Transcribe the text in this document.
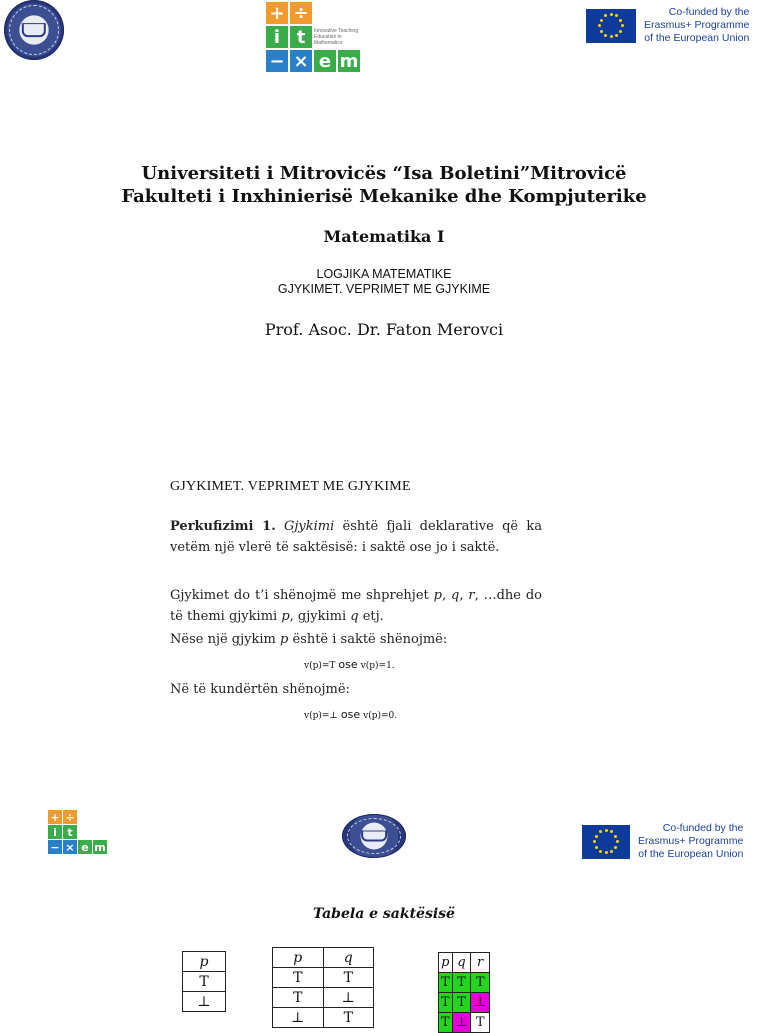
+ ÷
i t	Innovative Teaching
Education in Mathematics
− × e m
Co-funded by the
Erasmus+ Programme
of the European Union
Universiteti i Mitrovicës “Isa Boletini”Mitrovicë
Fakulteti i Inxhinierisë Mekanike dhe Kompjuterike
Matematika I
LOGJIKA MATEMATIKE
GJYKIMET. VEPRIMET ME GJYKIME
Prof. Asoc. Dr. Faton Merovci
GJYKIMET. VEPRIMET ME GJYKIME
Perkufizimi 1. Gjykimi është fjali deklarative që ka vetëm një vlerë të saktësisë: i saktë ose jo i saktë.
Gjykimet do t’i shënojmë me shprehjet p, q, r, …dhe do të themi gjykimi p, gjykimi q etj.
Nëse një gjykim p është i saktë shënojmë:
v(p)=T ose v(p)=1.
Në të kundërtën shënojmë:
v(p)=⊥ ose v(p)=0.
+ ÷
i t
− × e m
Co-funded by the
Erasmus+ Programme
of the European Union
Tabela e saktësisë
p
T
⊥
p	q
T	T
T	⊥
⊥	T
p	q	r
T	T	T
T	T	⊥
T	⊥	T
